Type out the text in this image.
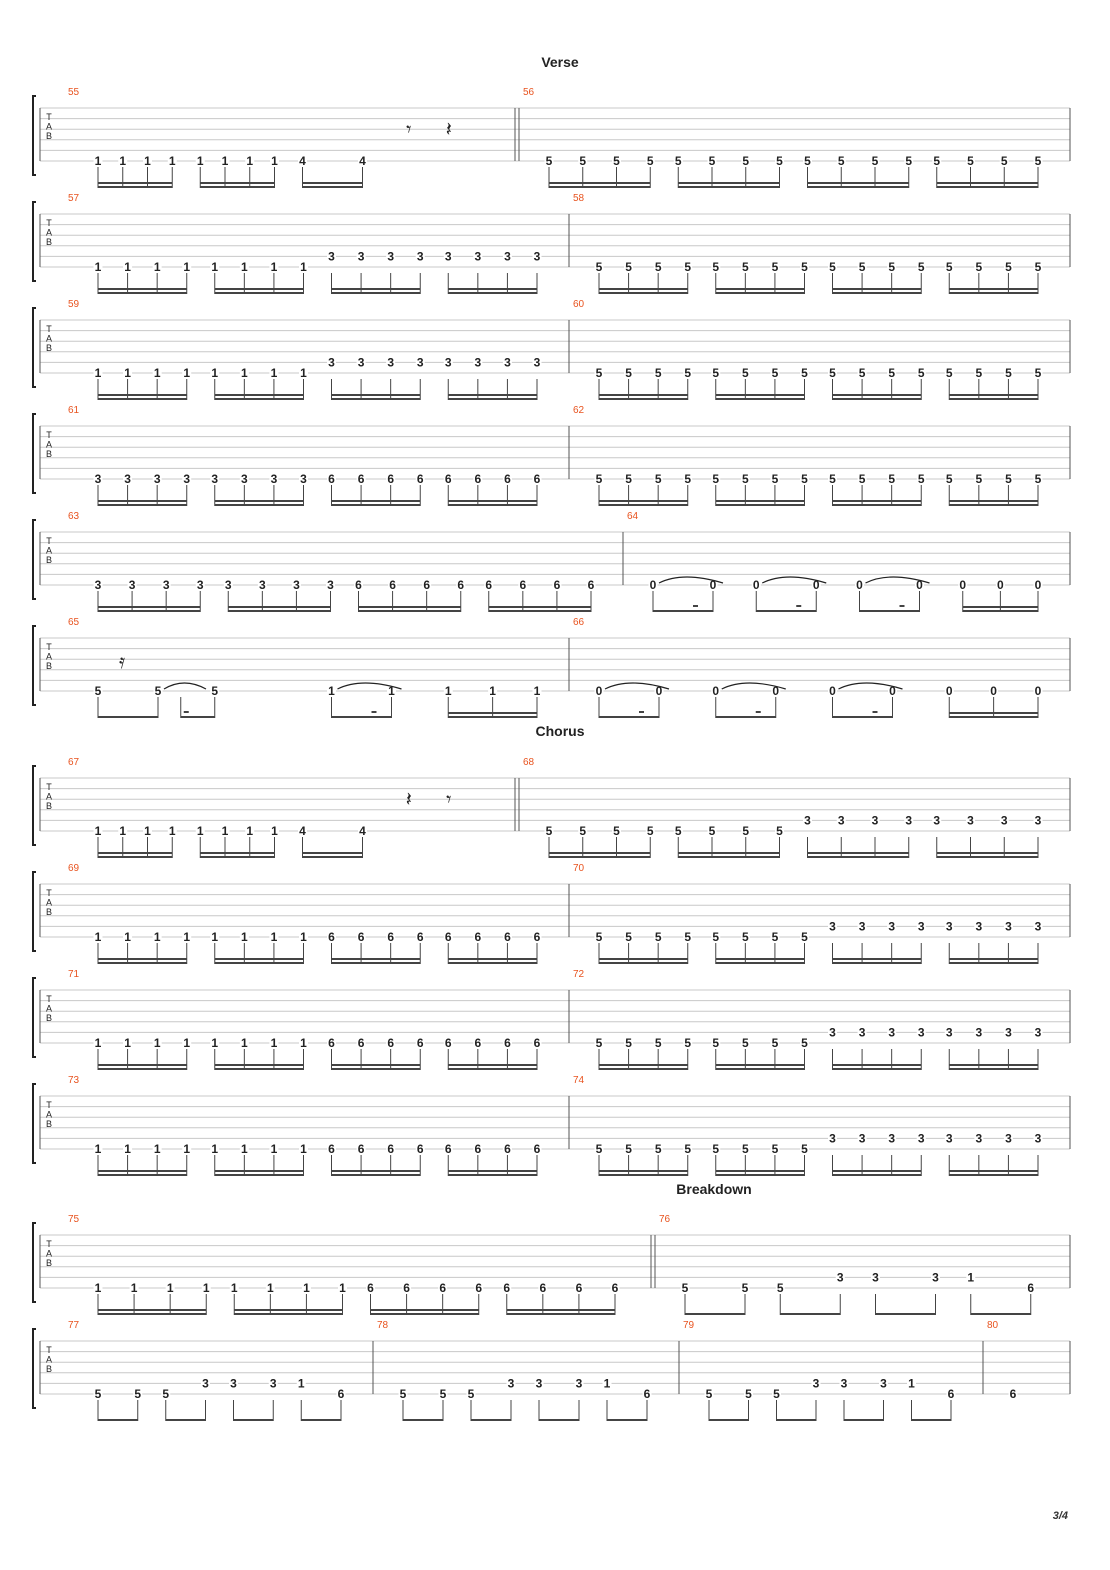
Verse
T
A
B
55
1 1 1 1 1 1 1 1 4	4
𝄾 𝄽
56
5 5 5 5 5 5 5 5 5 5 5 5 5 5 5 5
T
A
B
57
1 1 1 1 1 1 1 1
3 3 3 3 3 3 3 3
58
5 5 5 5 5 5 5 5 5 5 5 5 5 5 5 5
T
A
B
59
1 1 1 1 1 1 1 1
3 3 3 3 3 3 3 3
60
5 5 5 5 5 5 5 5 5 5 5 5 5 5 5 5
T
A
B
61
3 3 3 3 3 3 3 3 6 6 6 6 6 6 6 6
62
5 5 5 5 5 5 5 5 5 5 5 5 5 5 5 5
T
A
B
63
3 3 3 3 3 3 3 3 6 6 6 6 6 6 6 6
64
0	0	0	0	0	0	0	0	0
T
A
B
65
5	5
𝄿
5	1	1	1	1	1
66
0	0	0	0	0	0	0	0	0
Chorus
T
A
B
67
1 1 1 1 1 1 1 1 4	4
𝄽 𝄾
68
5 5 5 5 5 5 5 5
3 3 3 3 3 3 3 3
T
A
B
69
1 1 1 1 1 1 1 1 6 6 6 6 6 6 6 6
70
5 5 5 5 5 5 5 5
3 3 3 3 3 3 3 3
T
A
B
71
1 1 1 1 1 1 1 1 6 6 6 6 6 6 6 6
72
5 5 5 5 5 5 5 5
3 3 3 3 3 3 3 3
T
A
B
73
1 1 1 1 1 1 1 1 6 6 6 6 6 6 6 6
74
5 5 5 5 5 5 5 5
3 3 3 3 3 3 3 3
Breakdown
T
A
B
75
1 1 1 1 1 1 1 1 6 6 6 6 6 6 6 6
76
5	5 5
3 3	3 1
6
T
A
B
77
5	5 5
3 3	3 1
6
78
5	5 5
3 3	3 1
6
79
5	5 5
3 3	3 1
6
80
6
3/4
